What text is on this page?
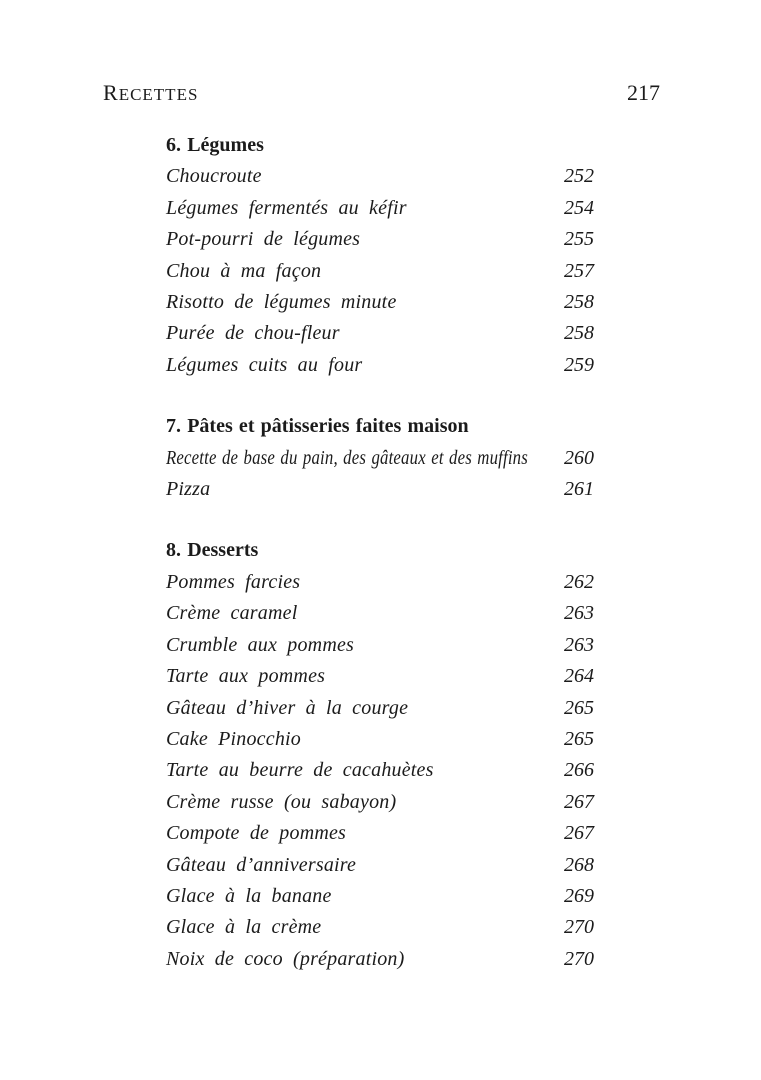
RECETTES	217
6. Légumes
Choucroute	252
Légumes fermentés au kéfir	254
Pot-pourri de légumes	255
Chou à ma façon	257
Risotto de légumes minute	258
Purée de chou-fleur	258
Légumes cuits au four	259
7. Pâtes et pâtisseries faites maison
Recette de base du pain, des gâteaux et des muffins 260
Pizza	261
8. Desserts
Pommes farcies	262
Crème caramel	263
Crumble aux pommes	263
Tarte aux pommes	264
Gâteau d’hiver à la courge	265
Cake Pinocchio	265
Tarte au beurre de cacahuètes	266
Crème russe (ou sabayon)	267
Compote de pommes	267
Gâteau d’anniversaire	268
Glace à la banane	269
Glace à la crème	270
Noix de coco (préparation)	270
